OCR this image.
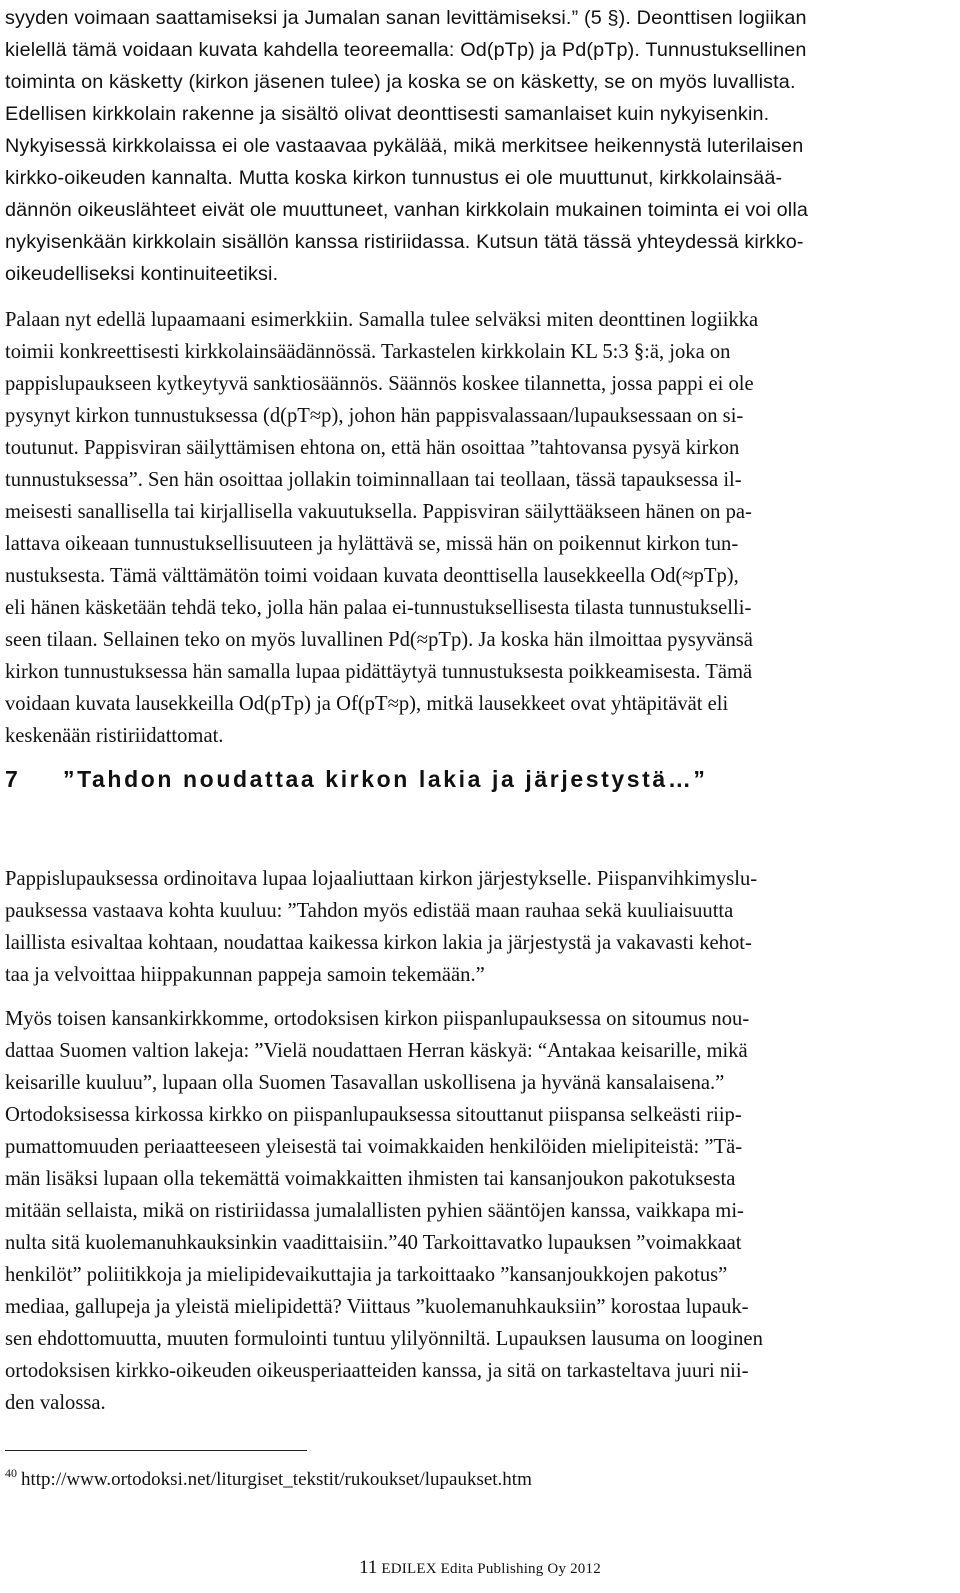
syyden voimaan saattamiseksi ja Jumalan sanan levittämiseksi.” (5 §). Deonttisen logiikan
kielellä tämä voidaan kuvata kahdella teoreemalla: Od(pTp) ja Pd(pTp). Tunnustuksellinen
toiminta on käsketty (kirkon jäsenen tulee) ja koska se on käsketty, se on myös luvallista.
Edellisen kirkkolain rakenne ja sisältö olivat deonttisesti samanlaiset kuin nykyisenkin.
Nykyisessä kirkkolaissa ei ole vastaavaa pykälää, mikä merkitsee heikennystä luterilaisen
kirkko-oikeuden kannalta. Mutta koska kirkon tunnustus ei ole muuttunut, kirkkolainsää-
dännön oikeuslähteet eivät ole muuttuneet, vanhan kirkkolain mukainen toiminta ei voi olla
nykyisenkään kirkkolain sisällön kanssa ristiriidassa. Kutsun tätä tässä yhteydessä kirkko-
oikeudelliseksi kontinuiteetiksi.
Palaan nyt edellä lupaamaani esimerkkiin. Samalla tulee selväksi miten deonttinen logiikka
toimii konkreettisesti kirkkolainsäädännössä. Tarkastelen kirkkolain KL 5:3 §:ä, joka on
pappislupaukseen kytkeytyvä sanktiosäännös. Säännös koskee tilannetta, jossa pappi ei ole
pysynyt kirkon tunnustuksessa (d(pT≈p), johon hän pappisvalassaan/lupauksessaan on si-
toutunut. Pappisviran säilyttämisen ehtona on, että hän osoittaa ”tahtovansa pysyä kirkon
tunnustuksessa”. Sen hän osoittaa jollakin toiminnallaan tai teollaan, tässä tapauksessa il-
meisesti sanallisella tai kirjallisella vakuutuksella. Pappisviran säilyttääkseen hänen on pa-
lattava oikeaan tunnustuksellisuuteen ja hylättävä se, missä hän on poikennut kirkon tun-
nustuksesta. Tämä välttämätön toimi voidaan kuvata deonttisella lausekkeella Od(≈pTp),
eli hänen käsketään tehdä teko, jolla hän palaa ei-tunnustuksellisesta tilasta tunnustukselli-
seen tilaan. Sellainen teko on myös luvallinen Pd(≈pTp). Ja koska hän ilmoittaa pysyvänsä
kirkon tunnustuksessa hän samalla lupaa pidättäytyä tunnustuksesta poikkeamisesta. Tämä
voidaan kuvata lausekkeilla Od(pTp) ja Of(pT≈p), mitkä lausekkeet ovat yhtäpitävät eli
keskenään ristiriidattomat.
7 ”Tahdon noudattaa kirkon lakia ja järjestystä…”
Pappislupauksessa ordinoitava lupaa lojaaliuttaan kirkon järjestykselle. Piispanvihkimyslu-
pauksessa vastaava kohta kuuluu: ”Tahdon myös edistää maan rauhaa sekä kuuliaisuutta
laillista esivaltaa kohtaan, noudattaa kaikessa kirkon lakia ja järjestystä ja vakavasti kehot-
taa ja velvoittaa hiippakunnan pappeja samoin tekemään.”
Myös toisen kansankirkkomme, ortodoksisen kirkon piispanlupauksessa on sitoumus nou-
dattaa Suomen valtion lakeja: ”Vielä noudattaen Herran käskyä: “Antakaa keisarille, mikä
keisarille kuuluu”, lupaan olla Suomen Tasavallan uskollisena ja hyvänä kansalaisena.”
Ortodoksisessa kirkossa kirkko on piispanlupauksessa sitouttanut piispansa selkeästi riip-
pumattomuuden periaatteeseen yleisestä tai voimakkaiden henkilöiden mielipiteistä: ”Tä-
män lisäksi lupaan olla tekemättä voimakkaitten ihmisten tai kansanjoukon pakotuksesta
mitään sellaista, mikä on ristiriidassa jumalallisten pyhien sääntöjen kanssa, vaikkapa mi-
nulta sitä kuolemanuhkauksinkin vaadittaisiin.”40 Tarkoittavatko lupauksen ”voimakkaat
henkilöt” poliitikkoja ja mielipidevaikuttajia ja tarkoittaako ”kansanjoukkojen pakotus”
mediaa, gallupeja ja yleistä mielipidettä? Viittaus ”kuolemanuhkauksiin” korostaa lupauk-
sen ehdottomuutta, muuten formulointi tuntuu ylilyönniltä. Lupauksen lausuma on looginen
ortodoksisen kirkko-oikeuden oikeusperiaatteiden kanssa, ja sitä on tarkasteltava juuri nii-
den valossa.
$^{40}$ http://www.ortodoksi.net/liturgiset_tekstit/rukoukset/lupaukset.htm
11 EDILEX Edita Publishing Oy 2012
